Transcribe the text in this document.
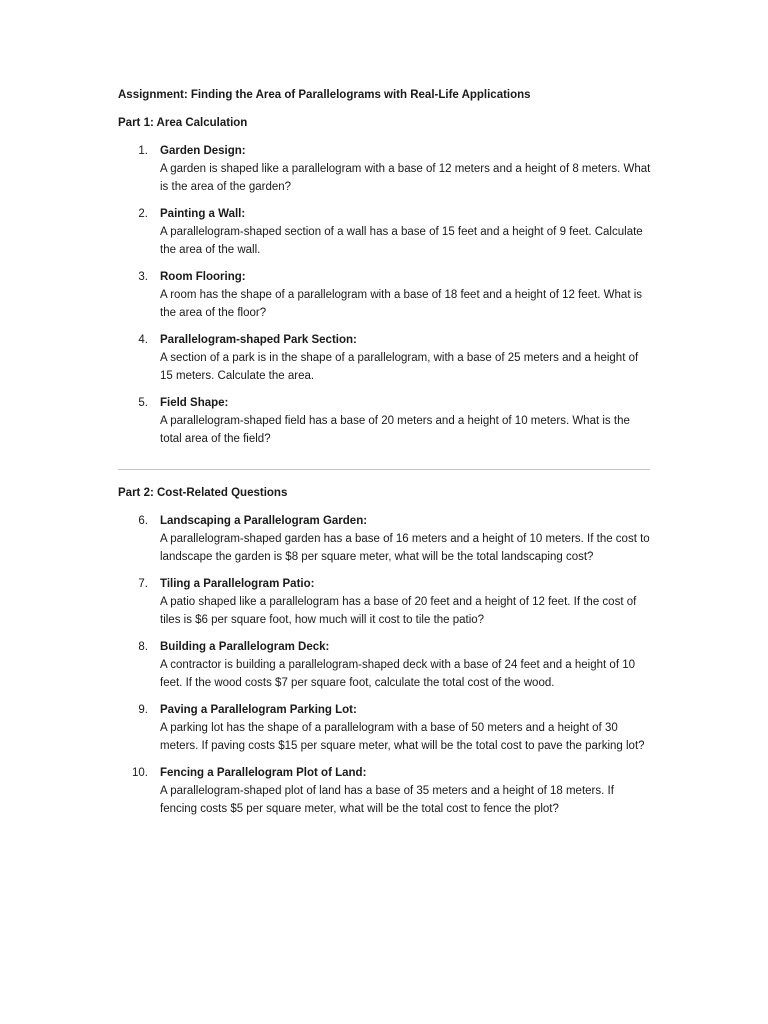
Assignment: Finding the Area of Parallelograms with Real-Life Applications

Part 1: Area Calculation

1. Garden Design:
A garden is shaped like a parallelogram with a base of 12 meters and a height of 8 meters. What is the area of the garden?
2. Painting a Wall:
A parallelogram-shaped section of a wall has a base of 15 feet and a height of 9 feet. Calculate the area of the wall.
3. Room Flooring:
A room has the shape of a parallelogram with a base of 18 feet and a height of 12 feet. What is the area of the floor?
4. Parallelogram-shaped Park Section:
A section of a park is in the shape of a parallelogram, with a base of 25 meters and a height of 15 meters. Calculate the area.
5. Field Shape:
A parallelogram-shaped field has a base of 20 meters and a height of 10 meters. What is the total area of the field?

Part 2: Cost-Related Questions

6. Landscaping a Parallelogram Garden:
A parallelogram-shaped garden has a base of 16 meters and a height of 10 meters. If the cost to landscape the garden is $8 per square meter, what will be the total landscaping cost?
7. Tiling a Parallelogram Patio:
A patio shaped like a parallelogram has a base of 20 feet and a height of 12 feet. If the cost of tiles is $6 per square foot, how much will it cost to tile the patio?
8. Building a Parallelogram Deck:
A contractor is building a parallelogram-shaped deck with a base of 24 feet and a height of 10 feet. If the wood costs $7 per square foot, calculate the total cost of the wood.
9. Paving a Parallelogram Parking Lot:
A parking lot has the shape of a parallelogram with a base of 50 meters and a height of 30 meters. If paving costs $15 per square meter, what will be the total cost to pave the parking lot?
10. Fencing a Parallelogram Plot of Land:
A parallelogram-shaped plot of land has a base of 35 meters and a height of 18 meters. If fencing costs $5 per square meter, what will be the total cost to fence the plot?
